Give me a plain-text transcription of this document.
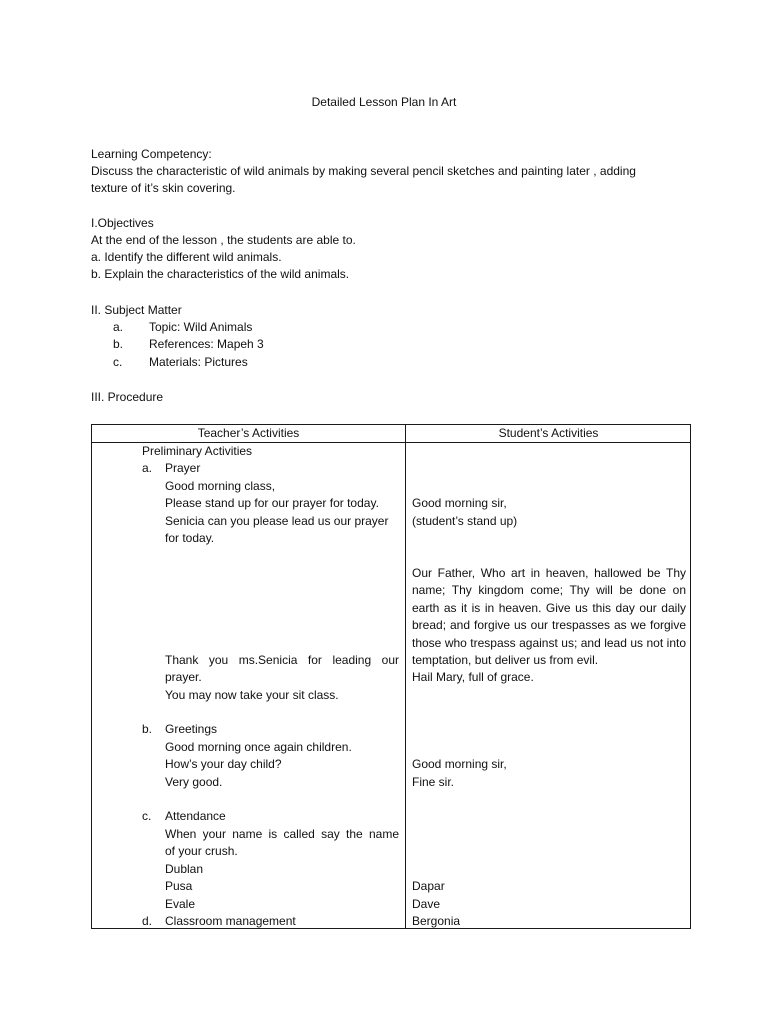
Detailed Lesson Plan In Art
Learning Competency:
Discuss the characteristic of wild animals by making several pencil sketches and painting later , adding
texture of it’s skin covering.
I.Objectives
At the end of the lesson , the students are able to.
a. Identify the different wild animals.
b. Explain the characteristics of the wild animals.
II. Subject Matter
a. Topic: Wild Animals
b. References: Mapeh 3
c. Materials: Pictures
III. Procedure
Teacher’s Activities	Student’s Activities
Preliminary Activities
a. Prayer
Good morning class,
Please stand up for our prayer for today.
Senicia can you please lead us our prayer
for today.
Thank you ms.Senicia for leading our
prayer.
You may now take your sit class.
b. Greetings
Good morning once again children.
How’s your day child?
Very good.
c. Attendance
When your name is called say the name
of your crush.
Dublan
Pusa
Evale
d. Classroom management
Good morning sir,
(student’s stand up)
Our Father, Who art in heaven, hallowed be Thy name; Thy kingdom come; Thy will be done on earth as it is in heaven. Give us this day our daily bread; and forgive us our trespasses as we forgive those who trespass against us; and lead us not into temptation, but deliver us from evil.
Hail Mary, full of grace.
Good morning sir,
Fine sir.
Dapar
Dave
Bergonia
